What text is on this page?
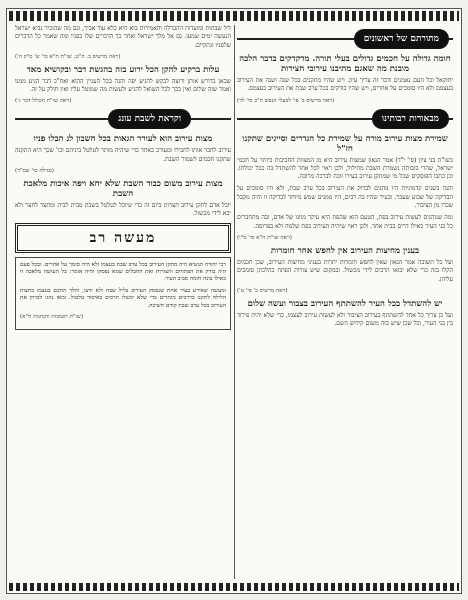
מתורתם של ראשונים
חומה גדולה על חכמים גדולים בעלי תורה. מדקדקים בדבר הלכה מובנת מה שאגם מתיבנו עירובי חצירות

יחזקאל וכל העם נאמנים ודבר זה צריך עיון. ויש שהיו מתקנים בכל שנה ושנה את העירוב בעצמם ולא היו סומכים על אחרים, ויש שהיו בודקים בכל ערב שבת את העירוב בעצמם.

(ראה מרשיס ב' פי' לבעלי הנפש ח"ב סי' לד)
מבאורות רבותינו
שמירת מצות עירוב מורה על שמירת כל הגדרים וסייגים שתקנו חז"ל

בשו"ת בני ציון (סי' י"ד) אמר הגאון שמצות עירוב היא מן המצוות החביבות ביותר על חכמי ישראל, שהרי בזכותה נשמרת השבת מחילול, ולכן ראוי לכל אחד להשתדל בה ככל יכולתו. וכן כתבו הפוסקים שכל מי שמתקן עירוב בעירו זוכה לברכה מרובה.

והנה בשנים קדמוניות היו נוהגים לבדוק את העירוב בכל ערב שבת, ולא היו סומכים על הבדיקה של שבוע שעבר. ובעיר שהיו בה רבים, היו ממנים שמש מיוחד לבדיקה זו והיה מקבל שכרו מן הציבור.

ומה שנוהגים לעשות עירוב בפת, הטעם הוא שהפת היא עיקר מזונו של אדם, ובה מתחברים כל בני העיר כאילו דרים בבית אחד. ולכן ראוי שיהיה העירוב בפת שלמה ולא בפרוסה.

(ראה שו"ת ח"א סי' מ"ו)
בענין מחיצות העירוב אין לחפש אחר חומרות

ועל כל תשובה אמר הגאון שאין לחפש חומרות יתרות בעניני מחיצות העירוב, שכן חכמים הקלו בזה כדי שלא יבואו הרבים לידי מכשול. ובמקום שיש צורות הפתח כהלכתן סומכים עליהן.

(ראה מרשיס ב' פי' ט')
יש להשתדל בכל העיר להשתתף העירוב בצבור ועשה שלום

ועל כן צריך כל אחד להשתתף בעירוב הציבור ולא לעשות עירוב לעצמו, כדי שלא יהיה פירוד בין בני העיר, וכל שכן שיש בזה משום קידוש השם.

ליל שבתות ומועדות ההבדלה והאמירות בוא היא כלא עוד אביך, וגם מה שהזכיר נביא ישראל הנעשה ימים שמעו. גם אל מלך ישראל ואחר כך הדברים שלו בפניו ומה שאמר כל הדברים שלפניו ונתקיים.

(ראה מרשיס ב. ה"ט, שו"ת ח"א סי' ש' ס"ק ה')
עלות ברקיע להקן הכל ירוע בזה בהגשת דבר ובקושיא מאד

שכאן בדורש אותן ורוצה לבקש להגיע יפה והנה בכל העניין ההוא ואח"כ דבר הגיע ממנו ואמר שזה שלום ואין בכך לכל השואל להגיע ולעשות מה שמוטל עליו ואין חולק על זה.

(ראה שו"ת הכולל דבר ג')
וקראת לשבת עונג
מצות עירוב הוא לעורר הגאות בכל חשבון לנ הבלו פניו

עירוב לחבר אותו לחבירו ומעורב כאחד כדי שיהיה מותר לטלטל ביניהם וכו' שכך היא התקנה שתקנו חכמים לשמור השבת.

(מגילה סי' שס"ד)
מצות עירוב משום כבוד השבת שלא יחא ויפה איכות מלאכת השבת

יוכל אדם לתקן עירוב חצרות ביום זה כדי שיוכל לטלטל בשבת מבית לבית ומחצר לחצר ולא יבא לידי מכשול.

מעשה רב

רבי יהודה הנשיא היה מתקן העירוב בכל ערב שבת בעצמו ולא היה סומך על אחרים. ובכל פעם היה בודק את הפתחים והצורות ואת החבלים שמא נפסקו והיה אומר: כל העושה מלאכה זו כאילו בונה חומה סביב העיר.

ומעשה שאירע בעיר אחת שנפסק העירוב בליל שבת ולא ידעו, והלך החכם בעצמו בחצות הלילה לתקנו בדרכים מותרים כדי שלא יכשלו הרבים באיסור טלטול. ומאז נהגו לבדוק את העירוב בכל ערב שבת קודם חשיכה.

(שו"ת תשובות והנהגות ח"א)
